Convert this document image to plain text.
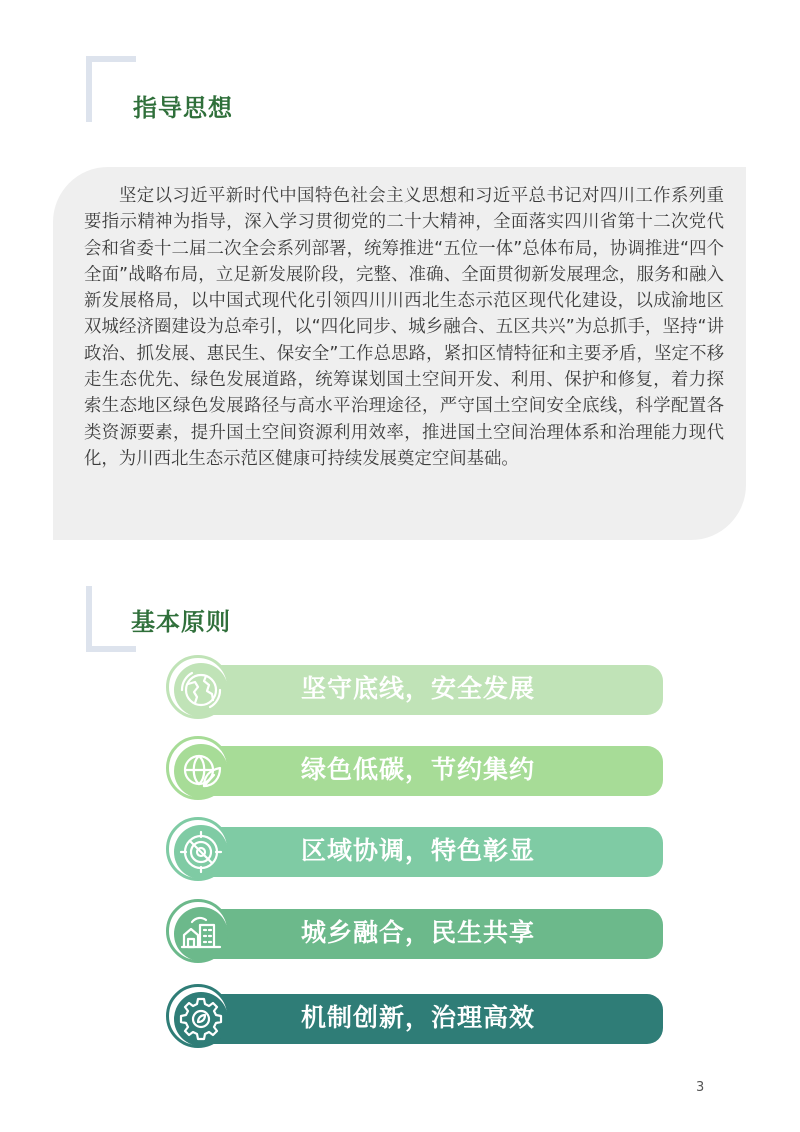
指导思想

坚定以习近平新时代中国特色社会主义思想和习近平总书记对四川工作系列重要指示精神为指导，深入学习贯彻党的二十大精神，全面落实四川省第十二次党代会和省委十二届二次全会系列部署，统筹推进“五位一体”总体布局，协调推进“四个全面”战略布局，立足新发展阶段，完整、准确、全面贯彻新发展理念，服务和融入新发展格局，以中国式现代化引领四川川西北生态示范区现代化建设，以成渝地区双城经济圈建设为总牵引，以“四化同步、城乡融合、五区共兴”为总抓手，坚持“讲政治、抓发展、惠民生、保安全”工作总思路，紧扣区情特征和主要矛盾，坚定不移走生态优先、绿色发展道路，统筹谋划国土空间开发、利用、保护和修复，着力探索生态地区绿色发展路径与高水平治理途径，严守国土空间安全底线，科学配置各类资源要素，提升国土空间资源利用效率，推进国土空间治理体系和治理能力现代化，为川西北生态示范区健康可持续发展奠定空间基础。

基本原则
坚守底线，安全发展
绿色低碳，节约集约
区域协调，特色彰显
城乡融合，民生共享
机制创新，治理高效
3
